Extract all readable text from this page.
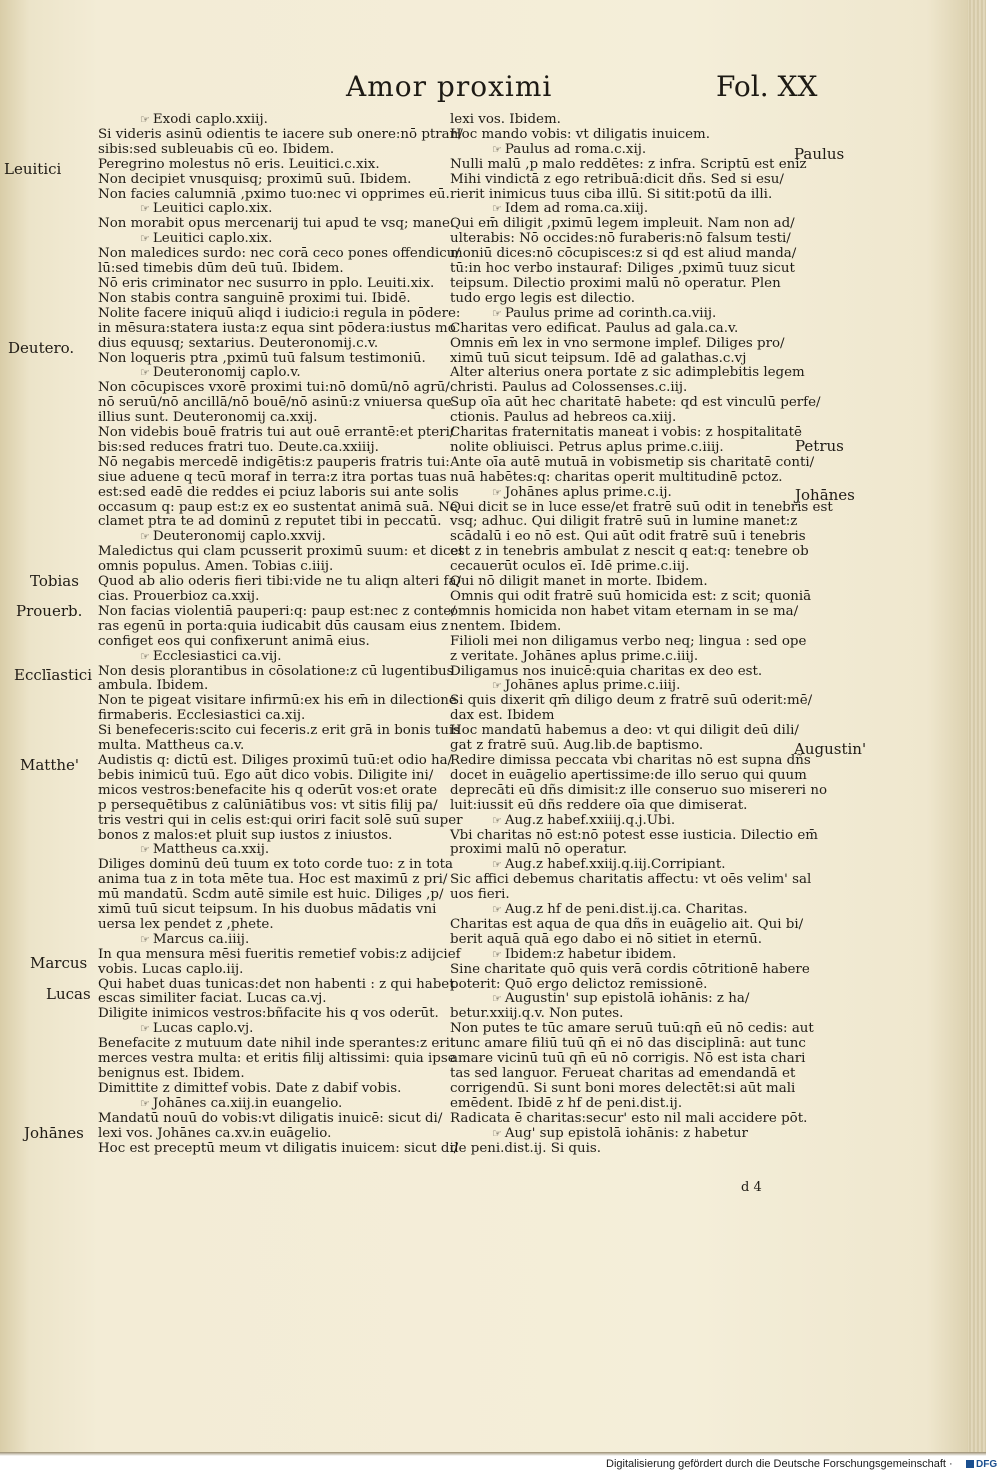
Amor proximi	Fol. XX
☞ Exodi caplo.xxiij.
Si videris asinū odientis te iacere sub onere:nō ptran/
sibis:sed subleuabis cū eo. Ibidem.
Peregrino molestus nō eris. Leuitici.c.xix.
Non decipiet vnusquisq; proximū suū. Ibidem.
Non facies calumniā ,pximo tuo:nec vi opprimes eū.
☞ Leuitici caplo.xix.
Non morabit opus mercenarij tui apud te vsq; mane.
☞ Leuitici caplo.xix.
Non maledices surdo: nec corā ceco pones offendicu/
lū:sed timebis dūm deū tuū. Ibidem.
Nō eris criminator nec susurro in pplo. Leuiti.xix.
Non stabis contra sanguinē proximi tui. Ibidē.
Nolite facere iniquū aliqd i iudicio:i regula in pōdere:
in mēsura:statera iusta:z equa sint pōdera:iustus mo
dius equusq; sextarius. Deuteronomij.c.v.
Non loqueris ptra ,pximū tuū falsum testimoniū.
☞ Deuteronomij caplo.v.
Non cōcupisces vxorē proximi tui:nō domū/nō agrū/
nō seruū/nō ancillā/nō bouē/nō asinū:z vniuersa que
illius sunt. Deuteronomij ca.xxij.
Non videbis bouē fratris tui aut ouē errantē:et pteri/
bis:sed reduces fratri tuo. Deute.ca.xxiiij.
Nō negabis mercedē indigētis:z pauperis fratris tui:
siue aduene q tecū moraf in terra:z itra portas tuas
est:sed eadē die reddes ei pciuz laboris sui ante solis
occasum q: paup est:z ex eo sustentat animā suā. Ne
clamet ptra te ad dominū z reputet tibi in peccatū.
☞ Deuteronomij caplo.xxvij.
Maledictus qui clam pcusserit proximū suum: et dicet
omnis populus. Amen. Tobias c.iiij.
Quod ab alio oderis fieri tibi:vide ne tu aliqn alteri fa/
cias. Prouerbioz ca.xxij.
Non facias violentiā pauperi:q: paup est:nec z conte/
ras egenū in porta:quia iudicabit dūs causam eius z
configet eos qui confixerunt animā eius.
☞ Ecclesiastici ca.vij.
Non desis plorantibus in cōsolatione:z cū lugentibus
ambula. Ibidem.
Non te pigeat visitare infirmū:ex his em̄ in dilectione
firmaberis. Ecclesiastici ca.xij.
Si benefeceris:scito cui feceris.z erit grā in bonis tuis
multa. Mattheus ca.v.
Audistis q: dictū est. Diliges proximū tuū:et odio ha/
bebis inimicū tuū. Ego aūt dico vobis. Diligite ini/
micos vestros:benefacite his q oderūt vos:et orate
p persequētibus z calūniātibus vos: vt sitis filij pa/
tris vestri qui in celis est:qui oriri facit solē suū super
bonos z malos:et pluit sup iustos z iniustos.
☞ Mattheus ca.xxij.
Diliges dominū deū tuum ex toto corde tuo: z in tota
anima tua z in tota mēte tua. Hoc est maximū z pri/
mū mandatū. Scdm autē simile est huic. Diliges ,p/
ximū tuū sicut teipsum. In his duobus mādatis vni
uersa lex pendet z ,phete.
☞ Marcus ca.iiij.
In qua mensura mēsi fueritis remetief vobis:z adijcief
vobis. Lucas caplo.iij.
Qui habet duas tunicas:det non habenti : z qui habet
escas similiter faciat. Lucas ca.vj.
Diligite inimicos vestros:bñfacite his q vos oderūt.
☞ Lucas caplo.vj.
Benefacite z mutuum date nihil inde sperantes:z erit
merces vestra multa: et eritis filij altissimi: quia ipse
benignus est. Ibidem.
Dimittite z dimittef vobis. Date z dabif vobis.
☞ Johānes ca.xiij.in euangelio.
Mandatū nouū do vobis:vt diligatis inuicē: sicut di/
lexi vos. Johānes ca.xv.in euāgelio.
Hoc est preceptū meum vt diligatis inuicem: sicut di/
lexi vos. Ibidem.
Hoc mando vobis: vt diligatis inuicem.
☞ Paulus ad roma.c.xij.
Nulli malū ,p malo reddētes: z infra. Scriptū est eniz
Mihi vindictā z ego retribuā:dicit dñs. Sed si esu/
rierit inimicus tuus ciba illū. Si sitit:potū da illi.
☞ Idem ad roma.ca.xiij.
Qui em̄ diligit ,pximū legem impleuit. Nam non ad/
ulterabis: Nō occides:nō furaberis:nō falsum testi/
moniū dices:nō cōcupisces:z si qd est aliud manda/
tū:in hoc verbo instauraf: Diliges ,pximū tuuz sicut
teipsum. Dilectio proximi malū nō operatur. Plen
tudo ergo legis est dilectio.
☞ Paulus prime ad corinth.ca.viij.
Charitas vero edificat. Paulus ad gala.ca.v.
Omnis em̄ lex in vno sermone implef. Diliges pro/
ximū tuū sicut teipsum. Idē ad galathas.c.vj
Alter alterius onera portate z sic adimplebitis legem
christi. Paulus ad Colossenses.c.iij.
Sup oīa aūt hec charitatē habete: qd est vinculū perfe/
ctionis. Paulus ad hebreos ca.xiij.
Charitas fraternitatis maneat i vobis: z hospitalitatē
nolite obliuisci. Petrus aplus prime.c.iiij.
Ante oīa autē mutuā in vobismetip sis charitatē conti/
nuā habētes:q: charitas operit multitudinē pctoz.
☞ Johānes aplus prime.c.ij.
Qui dicit se in luce esse/et fratrē suū odit in tenebris est
vsq; adhuc. Qui diligit fratrē suū in lumine manet:z
scādalū i eo nō est. Qui aūt odit fratrē suū i tenebris
est z in tenebris ambulat z nescit q eat:q: tenebre ob
cecauerūt oculos eī. Idē prime.c.iij.
Qui nō diligit manet in morte. Ibidem.
Omnis qui odit fratrē suū homicida est: z scit; quoniā
omnis homicida non habet vitam eternam in se ma/
nentem. Ibidem.
Filioli mei non diligamus verbo neq; lingua : sed ope
z veritate. Johānes aplus prime.c.iiij.
Diligamus nos inuicē:quia charitas ex deo est.
☞ Johānes aplus prime.c.iiij.
Si quis dixerit qm̄ diligo deum z fratrē suū oderit:mē/
dax est. Ibidem
Hoc mandatū habemus a deo: vt qui diligit deū dili/
gat z fratrē suū. Aug.lib.de baptismo.
Redire dimissa peccata vbi charitas nō est supna dñs
docet in euāgelio apertissime:de illo seruo qui quum
deprecāti eū dñs dimisit:z ille conseruo suo misereri no
luit:iussit eū dñs reddere oīa que dimiserat.
☞ Aug.z habef.xxiiij.q.j.Ubi.
Vbi charitas nō est:nō potest esse iusticia. Dilectio em̄
proximi malū nō operatur.
☞ Aug.z habef.xxiij.q.iij.Corripiant.
Sic affici debemus charitatis affectu: vt oēs velim' sal
uos fieri.
☞ Aug.z hf de peni.dist.ij.ca. Charitas.
Charitas est aqua de qua dñs in euāgelio ait. Qui bi/
berit aquā quā ego dabo ei nō sitiet in eternū.
☞ Ibidem:z habetur ibidem.
Sine charitate quō quis verā cordis cōtritionē habere
poterit: Quō ergo delictoz remissionē.
☞ Augustin' sup epistolā iohānis: z ha/
betur.xxiij.q.v. Non putes.
Non putes te tūc amare seruū tuū:qn̄ eū nō cedis: aut
tunc amare filiū tuū qn̄ ei nō das disciplinā: aut tunc
amare vicinū tuū qn̄ eū nō corrigis. Nō est ista chari
tas sed languor. Ferueat charitas ad emendandā et
corrigendū. Si sunt boni mores delectēt:si aūt mali
emēdent. Ibidē z hf de peni.dist.ij.
Radicata ē charitas:secur' esto nil mali accidere pōt.
☞ Aug' sup epistolā iohānis: z habetur
de peni.dist.ij. Si quis.
Leuitici
Deutero.
Tobias
Prouerb.
Ecclīastici
Matthe'
Marcus
Lucas
Johānes
Paulus
Petrus
Johānes
Augustin'
d 4
Digitalisierung gefördert durch die Deutsche Forschungsgemeinschaft ·	DFG
